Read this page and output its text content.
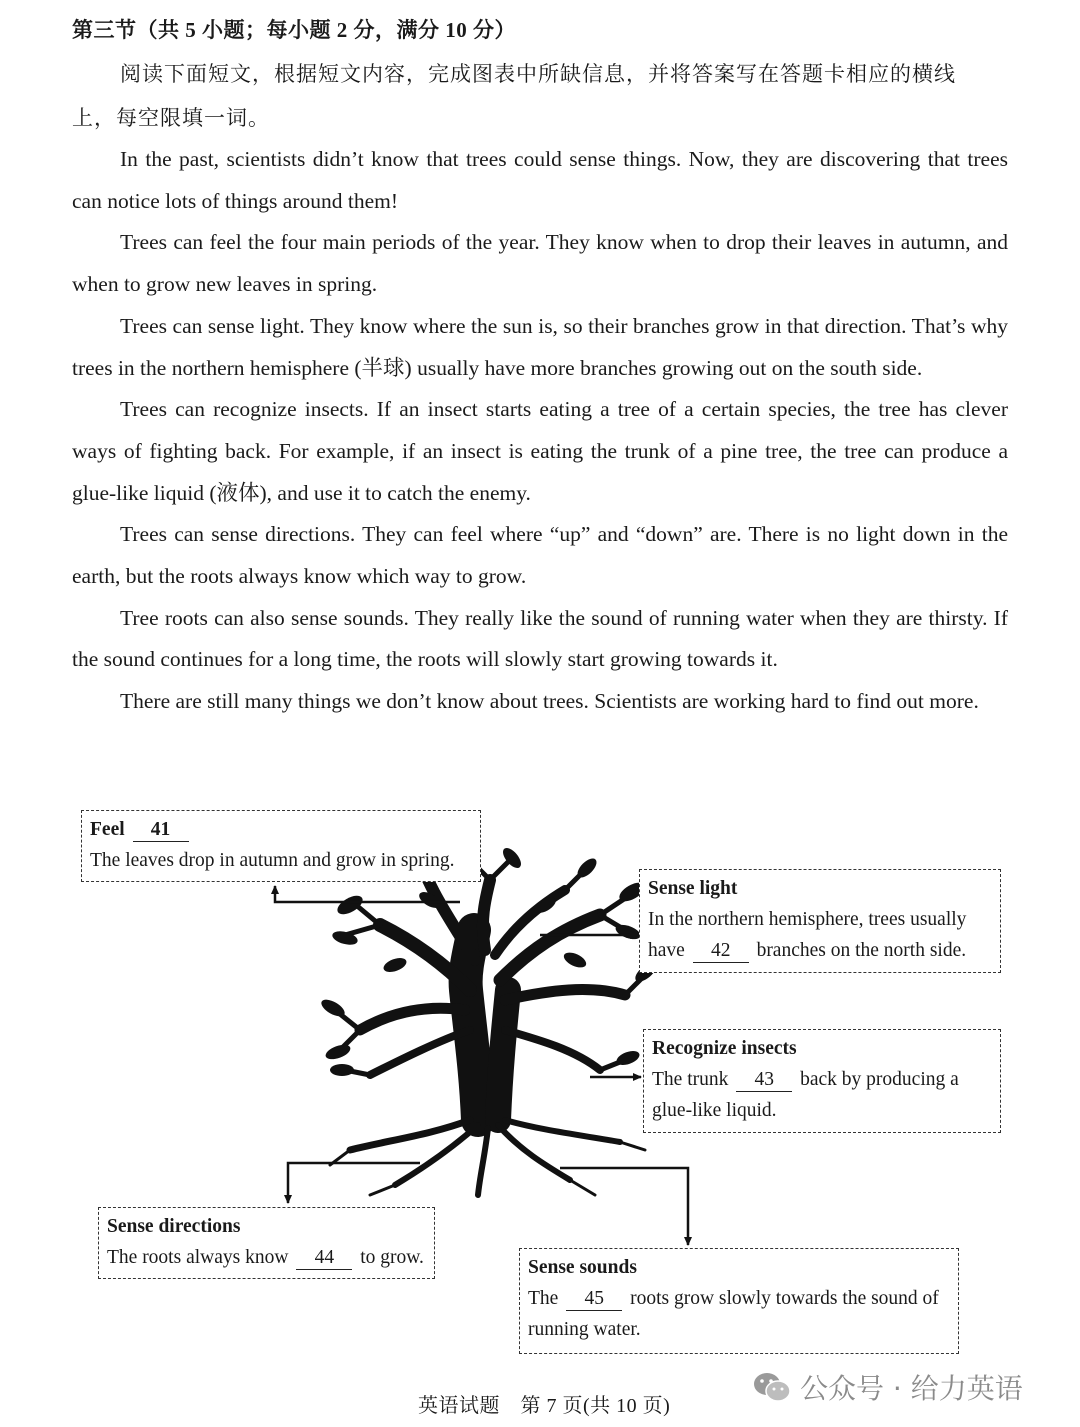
第三节（共 5 小题；每小题 2 分，满分 10 分）
阅读下面短文，根据短文内容，完成图表中所缺信息，并将答案写在答题卡相应的横线
上，每空限填一词。

In the past, scientists didn’t know that trees could sense things. Now, they are discovering that trees can notice lots of things around them!

Trees can feel the four main periods of the year. They know when to drop their leaves in autumn, and when to grow new leaves in spring.

Trees can sense light. They know where the sun is, so their branches grow in that direction. That’s why trees in the northern hemisphere (半球) usually have more branches growing out on the south side.

Trees can recognize insects. If an insect starts eating a tree of a certain species, the tree has clever ways of fighting back. For example, if an insect is eating the trunk of a pine tree, the tree can produce a glue-like liquid (液体), and use it to catch the enemy.

Trees can sense directions. They can feel where “up” and “down” are. There is no light down in the earth, but the roots always know which way to grow.

Tree roots can also sense sounds. They really like the sound of running water when they are thirsty. If the sound continues for a long time, the roots will slowly start growing towards it.

There are still many things we don’t know about trees. Scientists are working hard to find out more.

Feel 41
The leaves drop in autumn and grow in spring.
Sense light
In the northern hemisphere, trees usually
have 42 branches on the north side.
Recognize insects
The trunk 43 back by producing a
glue-like liquid.
Sense directions
The roots always know 44 to grow.	Sense sounds
The 45 roots grow slowly towards the sound of
running water.
英语试题　第 7 页(共 10 页)
公众号 · 给力英语
